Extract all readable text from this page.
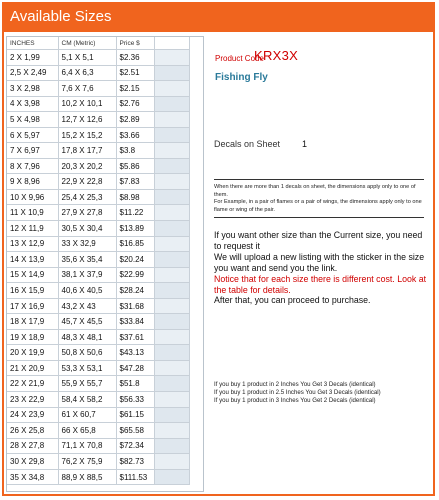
Available Sizes
INCHES	CM (Metric)	Price $	
2 X 1,99	5,1 X 5,1	$2.36	
2,5 X 2,49	6,4 X 6,3	$2.51	
3 X 2,98	7,6 X 7,6	$2.15	
4 X 3,98	10,2 X 10,1	$2.76	
5 X 4,98	12,7 X 12,6	$2.89	
6 X 5,97	15,2 X 15,2	$3.66	
7 X 6,97	17,8 X 17,7	$3.8	
8 X 7,96	20,3 X 20,2	$5.86	
9 X 8,96	22,9 X 22,8	$7.83	
10 X 9,96	25,4 X 25,3	$8.98	
11 X 10,9	27,9 X 27,8	$11.22	
12 X 11,9	30,5 X 30,4	$13.89	
13 X 12,9	33 X 32,9	$16.85	
14 X 13,9	35,6 X 35,4	$20.24	
15 X 14,9	38,1 X 37,9	$22.99	
16 X 15,9	40,6 X 40,5	$28.24	
17 X 16,9	43,2 X 43	$31.68	
18 X 17,9	45,7 X 45,5	$33.84	
19 X 18,9	48,3 X 48,1	$37.61	
20 X 19,9	50,8 X 50,6	$43.13	
21 X 20,9	53,3 X 53,1	$47.28	
22 X 21,9	55,9 X 55,7	$51.8	
23 X 22,9	58,4 X 58,2	$56.33	
24 X 23,9	61 X 60,7	$61.15	
26 X 25,8	66 X 65,8	$65.58	
28 X 27,8	71,1 X 70,8	$72.34	
30 X 29,8	76,2 X 75,9	$82.73	
35 X 34,8	88,9 X 88,5	$111.53	
Product Code
KRX3X
Fishing Fly
Decals on Sheet 1
When there are more than 1 decals on sheet, the dimensions apply only to one of them.
For Example, in a pair of flames or a pair of wings, the dimensions apply only to one flame or wing of the pair.
If you want other size than the Current size, you need to request it
We will upload a new listing with the sticker in the size you want and send you the link.
Notice that for each size there is different cost. Look at the table for details.
After that, you can proceed to purchase.
If you buy 1 product in 2 Inches You Get 3 Decals (identical)
If you buy 1 product in 2.5 Inches You Get 3 Decals (identical)
If you buy 1 product in 3 Inches You Get 2 Decals (identical)
